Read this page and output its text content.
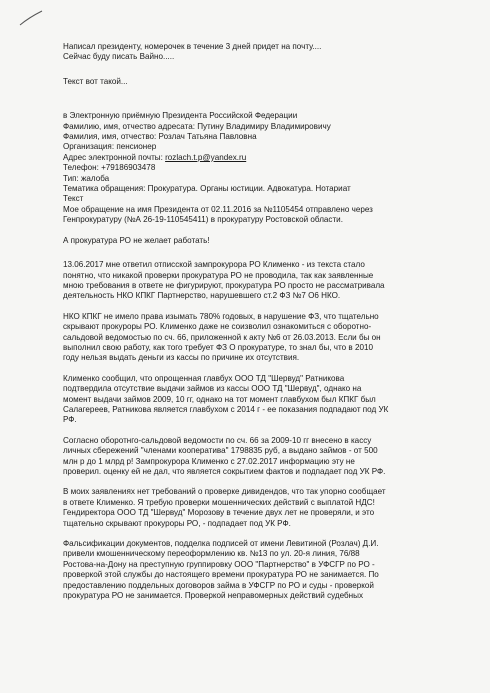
Написал президенту, номерочек в течение 3 дней придет на почту....

Сейчас буду писать Вайно.....

Текст вот такой...

в Электронную приёмную Президента Российской Федерации

Фамилию, имя, отчество адресата: Путину Владимиру Владимировичу

Фамилия, имя, отчество: Розлач Татьяна Павловна

Организация: пенсионер

Адрес электронной почты: rozlach.t.p@yandex.ru

Телефон: +79186903478

Тип: жалоба

Тематика обращения: Прокуратура. Органы юстиции. Адвокатура. Нотариат

Текст

Мое обращение на имя Президента от 02.11.2016 за №1105454 отправлено через

Генпрокуратуру (№А 26-19-110545411) в прокуратуру Ростовской области.

А прокуратура РО не желает работать!

13.06.2017 мне ответил отписской зампрокурора РО Клименко - из текста стало

понятно, что никакой проверки прокуратура РО не проводила, так как заявленные

мною требования в ответе не фигурируют, прокуратура РО просто не рассматривала

деятельность НКО КПКГ Партнерство, нарушевшего ст.2 ФЗ №7 О6 НКО.

НКО КПКГ не имело права изымать 780% годовых, в нарушение ФЗ, что тщательно

скрывают прокуроры РО. Клименко даже не соизволил ознакомиться с оборотно-

сальдовой ведомостью по сч. 66, приложенной к акту №6 от 26.03.2013. Если бы он

выполнил свою работу, как того требует ФЗ О прокуратуре, то знал бы, что в 2010

году нельзя выдать деньги из кассы по причине их отсутствия.

Клименко сообщил, что опрощенная главбух ООО ТД "Шервуд" Ратникова

подтвердила отсутствие выдачи займов из кассы ООО ТД "Шервуд", однако на

момент выдачи займов 2009, 10 гг, однако на тот момент главбухом был КПКГ был

Салагереев, Ратникова является главбухом с 2014 г - ее показания подпадают под УК

РФ.

Согласно оборотнго-сальдовой ведомости по сч. 66 за 2009-10 гг внесено в кассу

личных сбережений "членами кооператива" 1798835 руб, а выдано займов - от 500

млн р до 1 млрд р! Зампрокурора Клименко с 27.02.2017 информацию эту не

проверил. оценку ей не дал, что является сокрытием фактов и подпадает под УК РФ.

В моих заявлениях нет требований о проверке дивидендов, что так упорно сообщает

в ответе Клименко. Я требую проверки мошеннических действий с выплатой НДС!

Гендиректора ООО ТД "Шервуд" Морозову в течение двух лет не проверяли, и это

тщательно скрывают прокуроры РО, - подпадает под УК РФ.

Фальсификации документов, подделка подписей от имени Левитиной (Розлач) Д.И.

привели кмошенническому переоформлению кв. №13 по ул. 20-я линия, 76/88

Ростова-на-Дону на преступную группировку ООО "Партнерство" в УФСГР по РО -

проверкой этой службы до настоящего времени прокуратура РО не занимается. По

предоставлению поддельных договоров займа в УФСГР по РО и суды - проверкой

прокуратура РО не занимается. Проверкой неправомерных действий судебных
